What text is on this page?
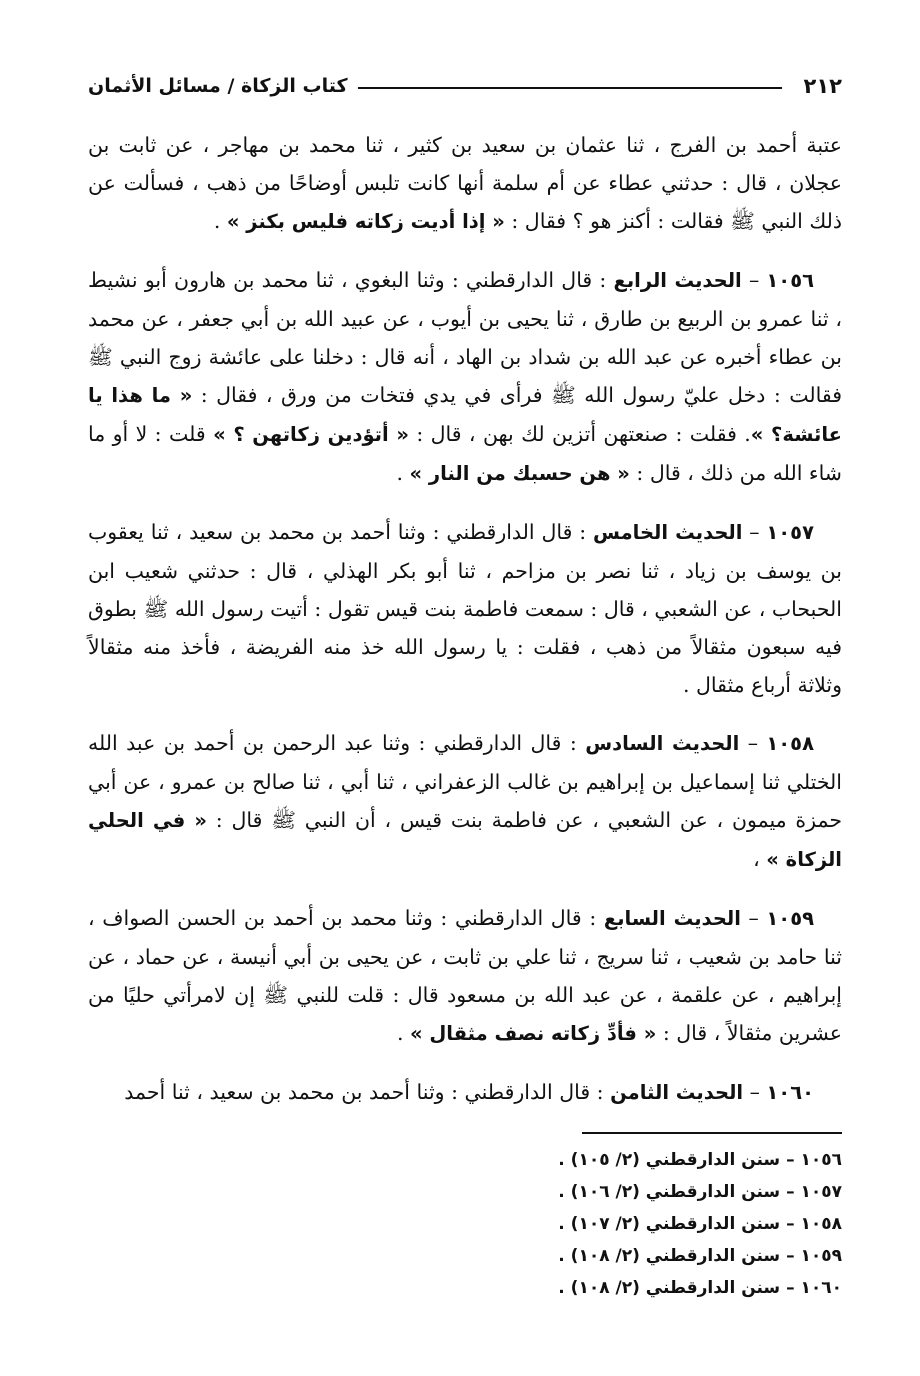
٢١٢
كتاب الزكاة / مسائل الأثمان

عتبة أحمد بن الفرج ، ثنا عثمان بن سعيد بن كثير ، ثنا محمد بن مهاجر ، عن ثابت بن عجلان ، قال : حدثني عطاء عن أم سلمة أنها كانت تلبس أوضاحًا من ذهب ، فسألت عن ذلك النبي ﷺ فقالت : أكنز هو ؟ فقال : « إذا أديت زكاته فليس بكنز » .

١٠٥٦ – الحديث الرابع : قال الدارقطني : وثنا البغوي ، ثنا محمد بن هارون أبو نشيط ، ثنا عمرو بن الربيع بن طارق ، ثنا يحيى بن أيوب ، عن عبيد الله بن أبي جعفر ، عن محمد بن عطاء أخبره عن عبد الله بن شداد بن الهاد ، أنه قال : دخلنا على عائشة زوج النبي ﷺ فقالت : دخل عليّ رسول الله ﷺ فرأى في يدي فتخات من ورق ، فقال : « ما هذا يا عائشة؟ ». فقلت : صنعتهن أتزين لك بهن ، قال : « أتؤدين زكاتهن ؟ » قلت : لا أو ما شاء الله من ذلك ، قال : « هن حسبك من النار » .

١٠٥٧ – الحديث الخامس : قال الدارقطني : وثنا أحمد بن محمد بن سعيد ، ثنا يعقوب بن يوسف بن زياد ، ثنا نصر بن مزاحم ، ثنا أبو بكر الهذلي ، قال : حدثني شعيب ابن الحبحاب ، عن الشعبي ، قال : سمعت فاطمة بنت قيس تقول : أتيت رسول الله ﷺ بطوق فيه سبعون مثقالاً من ذهب ، فقلت : يا رسول الله خذ منه الفريضة ، فأخذ منه مثقالاً وثلاثة أرباع مثقال .

١٠٥٨ – الحديث السادس : قال الدارقطني : وثنا عبد الرحمن بن أحمد بن عبد الله الختلي ثنا إسماعيل بن إبراهيم بن غالب الزعفراني ، ثنا أبي ، ثنا صالح بن عمرو ، عن أبي حمزة ميمون ، عن الشعبي ، عن فاطمة بنت قيس ، أن النبي ﷺ قال : « في الحلي الزكاة » ،

١٠٥٩ – الحديث السابع : قال الدارقطني : وثنا محمد بن أحمد بن الحسن الصواف ، ثنا حامد بن شعيب ، ثنا سريج ، ثنا علي بن ثابت ، عن يحيى بن أبي أنيسة ، عن حماد ، عن إبراهيم ، عن علقمة ، عن عبد الله بن مسعود قال : قلت للنبي ﷺ إن لامرأتي حليًا من عشرين مثقالاً ، قال : « فأدِّ زكاته نصف مثقال » .

١٠٦٠ – الحديث الثامن : قال الدارقطني : وثنا أحمد بن محمد بن سعيد ، ثنا أحمد

١٠٥٦ – سنن الدارقطني (٢/ ١٠٥) .
١٠٥٧ – سنن الدارقطني (٢/ ١٠٦) .
١٠٥٨ – سنن الدارقطني (٢/ ١٠٧) .
١٠٥٩ – سنن الدارقطني (٢/ ١٠٨) .
١٠٦٠ – سنن الدارقطني (٢/ ١٠٨) .
